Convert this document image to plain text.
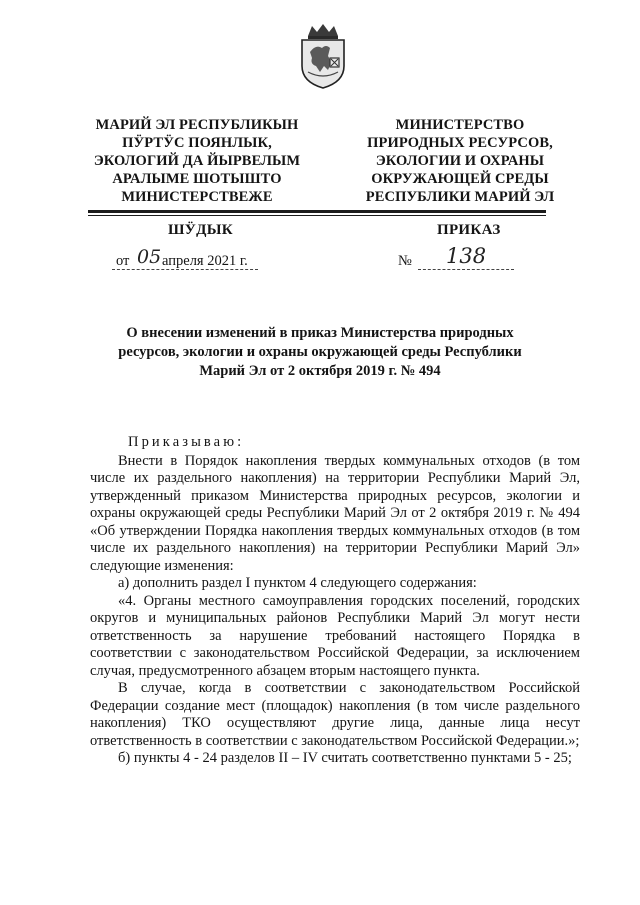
МАРИЙ ЭЛ РЕСПУБЛИКЫН
ПӰРТӰС ПОЯНЛЫК,
ЭКОЛОГИЙ ДА ЙЫРВЕЛЫМ
АРАЛЫМЕ ШОТЫШТО
МИНИСТЕРСТВЕЖЕ
МИНИСТЕРСТВО
ПРИРОДНЫХ РЕСУРСОВ,
ЭКОЛОГИИ И ОХРАНЫ
ОКРУЖАЮЩЕЙ СРЕДЫ
РЕСПУБЛИКИ МАРИЙ ЭЛ
ШӰДЫК	ПРИКАЗ
от 05 апреля 2021 г.	№ 138
О внесении изменений в приказ Министерства природных
ресурсов, экологии и охраны окружающей среды Республики
Марий Эл от 2 октября 2019 г. № 494

Приказываю:

Внести в Порядок накопления твердых коммунальных отходов (в том числе их раздельного накопления) на территории Республики Марий Эл, утвержденный приказом Министерства природных ресурсов, экологии и охраны окружающей среды Республики Марий Эл от 2 октября 2019 г. № 494 «Об утверждении Порядка накопления твердых коммунальных отходов (в том числе их раздельного накопления) на территории Республики Марий Эл» следующие изменения:

а) дополнить раздел I пунктом 4 следующего содержания:

«4. Органы местного самоуправления городских поселений, городских округов и муниципальных районов Республики Марий Эл могут нести ответственность за нарушение требований настоящего Порядка в соответствии с законодательством Российской Федерации, за исключением случая, предусмотренного абзацем вторым настоящего пункта.

В случае, когда в соответствии с законодательством Российской Федерации создание мест (площадок) накопления (в том числе раздельного накопления) ТКО осуществляют другие лица, данные лица несут ответственность в соответствии с законодательством Российской Федерации.»;

б) пункты 4 - 24 разделов II – IV считать соответственно пунктами 5 - 25;
